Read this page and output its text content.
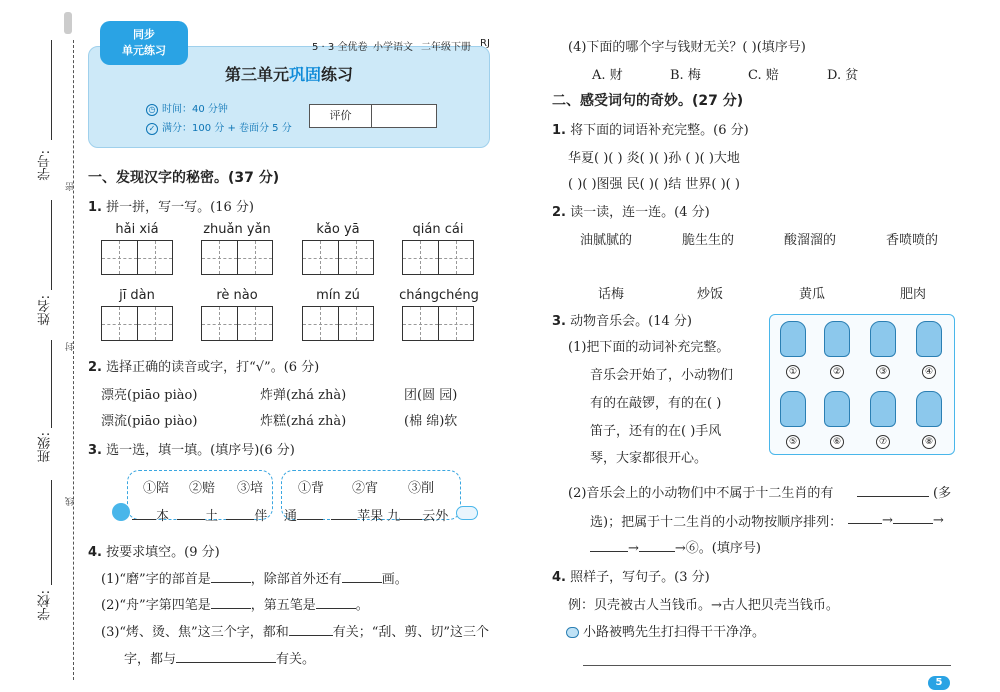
学号:
姓名:
班级:
学校:
密
封
线
同步
单元练习
➶
5 · 3 全优卷 小学语文 二年级下册 RJ
第三单元巩固练习
◷ 时间：40 分钟
✓ 满分：100 分 + 卷面分 5 分
评价
一、发现汉字的秘密。(37 分)
1. 拼一拼，写一写。(16 分)
hǎi xiá	zhuǎn yǎn	kǎo yā	qián cái
jī dàn	rè nào	mín zú	chángchéng
2. 选择正确的读音或字，打“√”。(6 分)
漂亮(piāo piào)	炸弹(zhá zhà)	团(圆 园)
漂流(piāo piào)	炸糕(zhá zhà)	(棉 绵)软
3. 选一选，填一填。(填序号)(6 分)
①陪 ②赔 ③培	①背 ②宵 ③削
本	土	伴 通	苹果 九 云外
4. 按要求填空。(9 分)
(1)“磨”字的部首是	，除部首外还有	画。
(2)“舟”字第四笔是	，第五笔是	。
(3)“烤、烫、焦”这三个字，都和	有关；“刮、剪、切”这三个
字，都与	有关。
(4)下面的哪个字与钱财无关？( )(填序号)
A. 财	B. 梅	C. 赔	D. 贫
二、感受词句的奇妙。(27 分)
1. 将下面的词语补充完整。(6 分)
华夏( )( ) 炎( )( )孙 ( )( )大地
( )( )图强 民( )( )结 世界( )( )
2. 读一读，连一连。(4 分)
油腻腻的	脆生生的	酸溜溜的	香喷喷的
话梅	炒饭	黄瓜	肥肉
3. 动物音乐会。(14 分)
(1)把下面的动词补充完整。
音乐会开始了，小动物们
有的在敲锣，有的在( )
笛子，还有的在( )手风
琴，大家都很开心。
①	②	③	④
⑤	⑥	⑦	⑧
(2)音乐会上的小动物们中不属于十二生肖的有	(多
选)；把属于十二生肖的小动物按顺序排列：	→	→
→	→⑥。(填序号)
4. 照样子，写句子。(3 分)
例：贝壳被古人当钱币。→古人把贝壳当钱币。
小路被鸭先生打扫得干干净净。
5
